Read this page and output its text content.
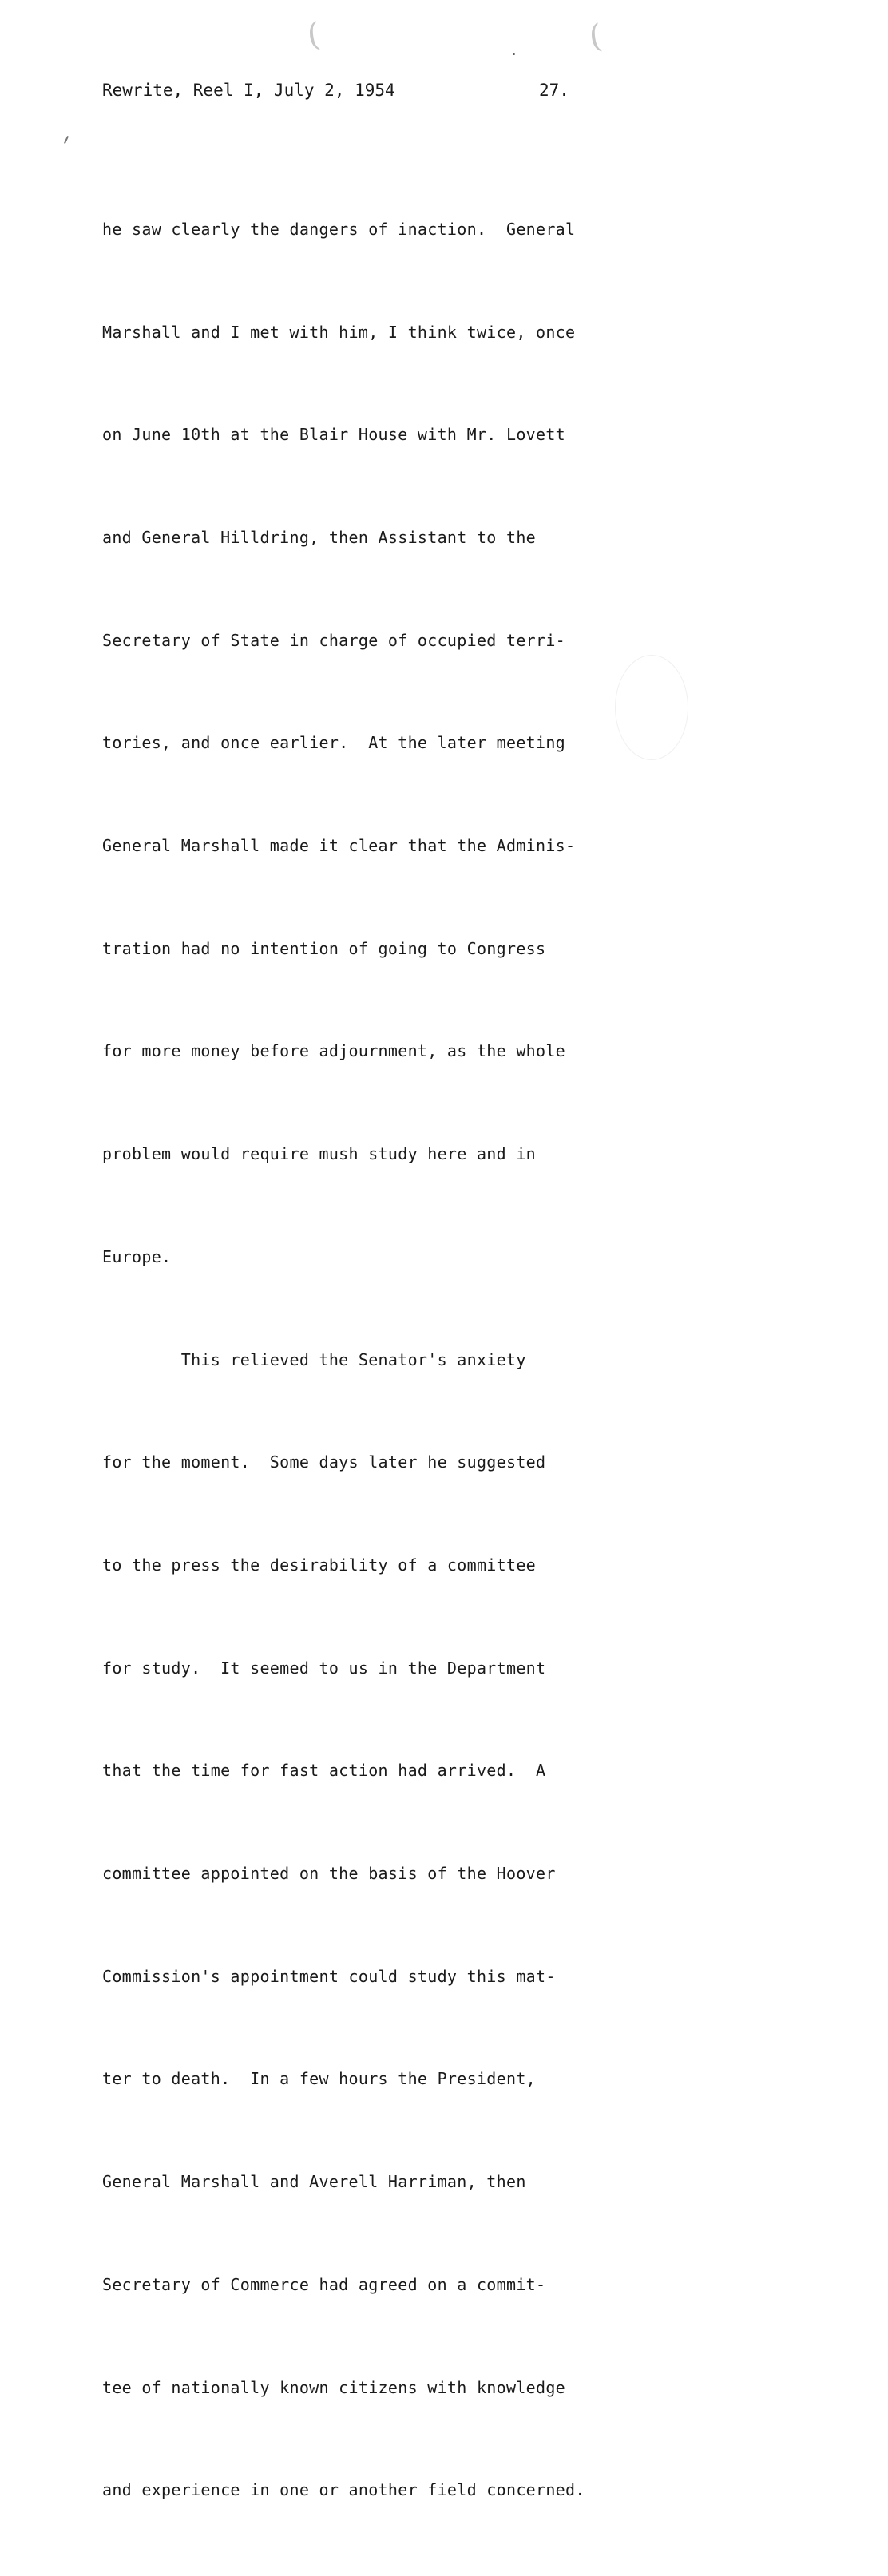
(	(

Rewrite, Reel I, July 2, 1954

	27.

he saw clearly the dangers of inaction.  General

Marshall and I met with him, I think twice, once

on June 10th at the Blair House with Mr. Lovett

and General Hilldring, then Assistant to the

Secretary of State in charge of occupied terri-

tories, and once earlier.  At the later meeting

General Marshall made it clear that the Adminis-

tration had no intention of going to Congress

for more money before adjournment, as the whole

problem would require mush study here and in

Europe.

This relieved the Senator's anxiety

for the moment.  Some days later he suggested

to the press the desirability of a committee

for study.  It seemed to us in the Department

that the time for fast action had arrived.  A

committee appointed on the basis of the Hoover

Commission's appointment could study this mat-

ter to death.  In a few hours the President,

General Marshall and Averell Harriman, then

Secretary of Commerce had agreed on a commit-

tee of nationally known citizens with knowledge

and experience in one or another field concerned.
